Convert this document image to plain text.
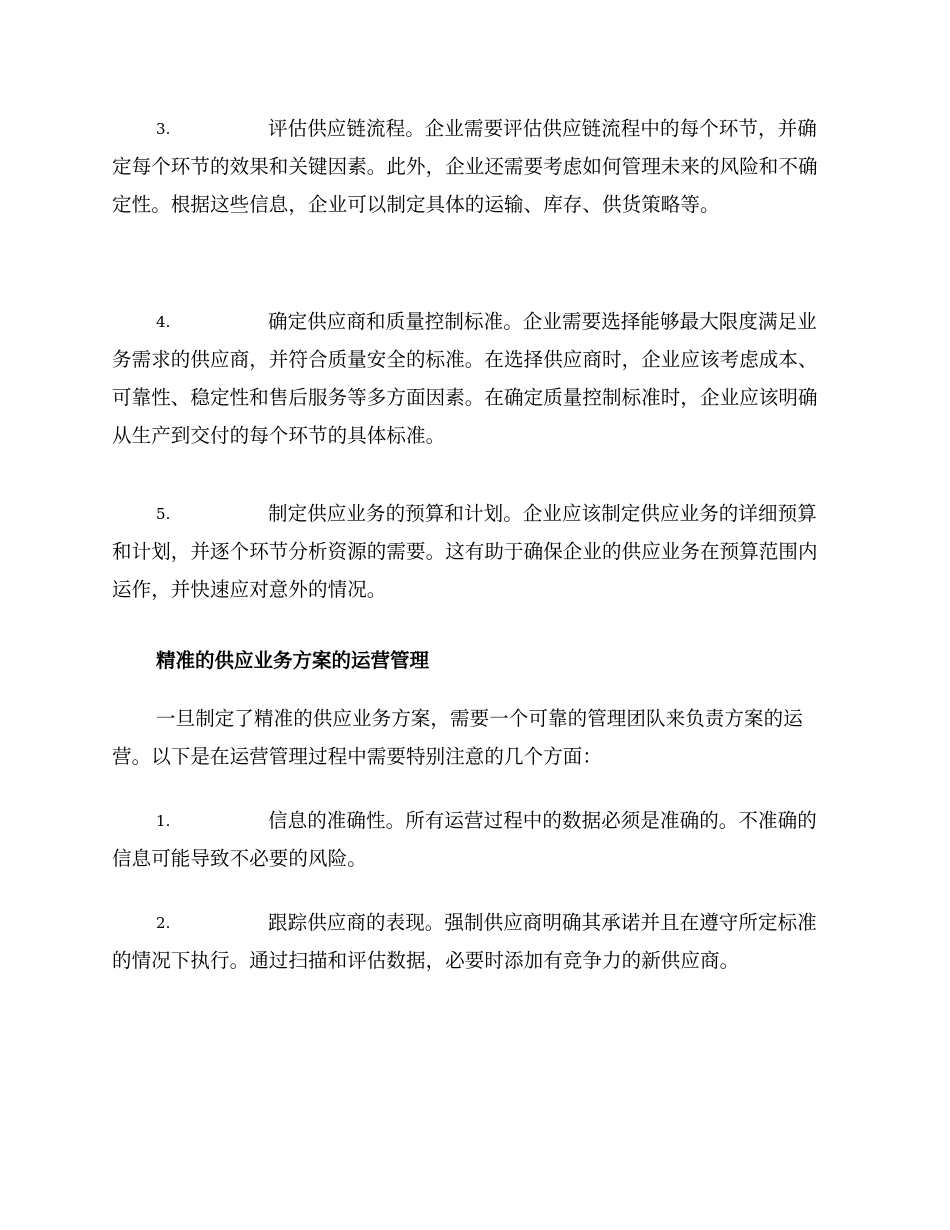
3.	评估供应链流程。企业需要评估供应链流程中的每个环节，并确定每个环节的效果和关键因素。此外，企业还需要考虑如何管理未来的风险和不确定性。根据这些信息，企业可以制定具体的运输、库存、供货策略等。
4.	确定供应商和质量控制标准。企业需要选择能够最大限度满足业务需求的供应商，并符合质量安全的标准。在选择供应商时，企业应该考虑成本、可靠性、稳定性和售后服务等多方面因素。在确定质量控制标准时，企业应该明确从生产到交付的每个环节的具体标准。
5.	制定供应业务的预算和计划。企业应该制定供应业务的详细预算和计划，并逐个环节分析资源的需要。这有助于确保企业的供应业务在预算范围内运作，并快速应对意外的情况。
精准的供应业务方案的运营管理
一旦制定了精准的供应业务方案，需要一个可靠的管理团队来负责方案的运营。以下是在运营管理过程中需要特别注意的几个方面：
1.	信息的准确性。所有运营过程中的数据必须是准确的。不准确的信息可能导致不必要的风险。
2.	跟踪供应商的表现。强制供应商明确其承诺并且在遵守所定标准的情况下执行。通过扫描和评估数据，必要时添加有竞争力的新供应商。
